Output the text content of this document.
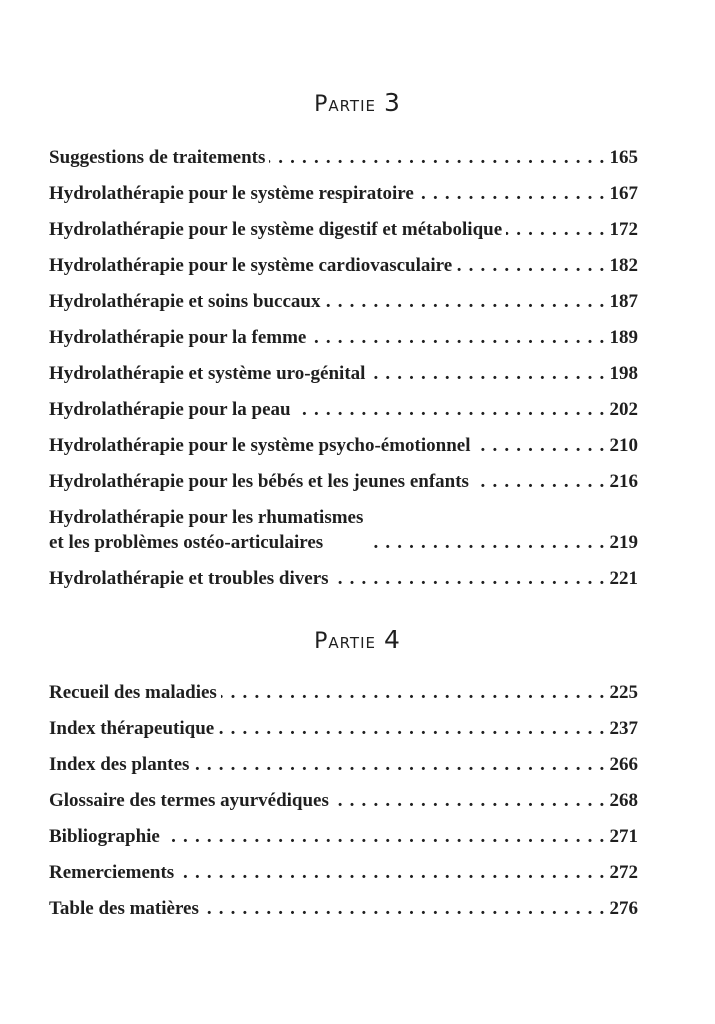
Partie 3
Suggestions de traitements . . .	165
Hydrolathérapie pour le système respiratoire . . .	167
Hydrolathérapie pour le système digestif et métabolique . . .	172
Hydrolathérapie pour le système cardiovasculaire . . .	182
Hydrolathérapie et soins buccaux . . .	187
Hydrolathérapie pour la femme . . .	189
Hydrolathérapie et système uro-génital . . .	198
Hydrolathérapie pour la peau . . .	202
Hydrolathérapie pour le système psycho-émotionnel . . .	210
Hydrolathérapie pour les bébés et les jeunes enfants . . .	216
Hydrolathérapie pour les rhumatismes
et les problèmes ostéo-articulaires . . .	219
Hydrolathérapie et troubles divers . . .	221
Partie 4
Recueil des maladies . . .	225
Index thérapeutique . . .	237
Index des plantes . . .	266
Glossaire des termes ayurvédiques . . .	268
Bibliographie . . .	271
Remerciements . . .	272
Table des matières . . .	276
